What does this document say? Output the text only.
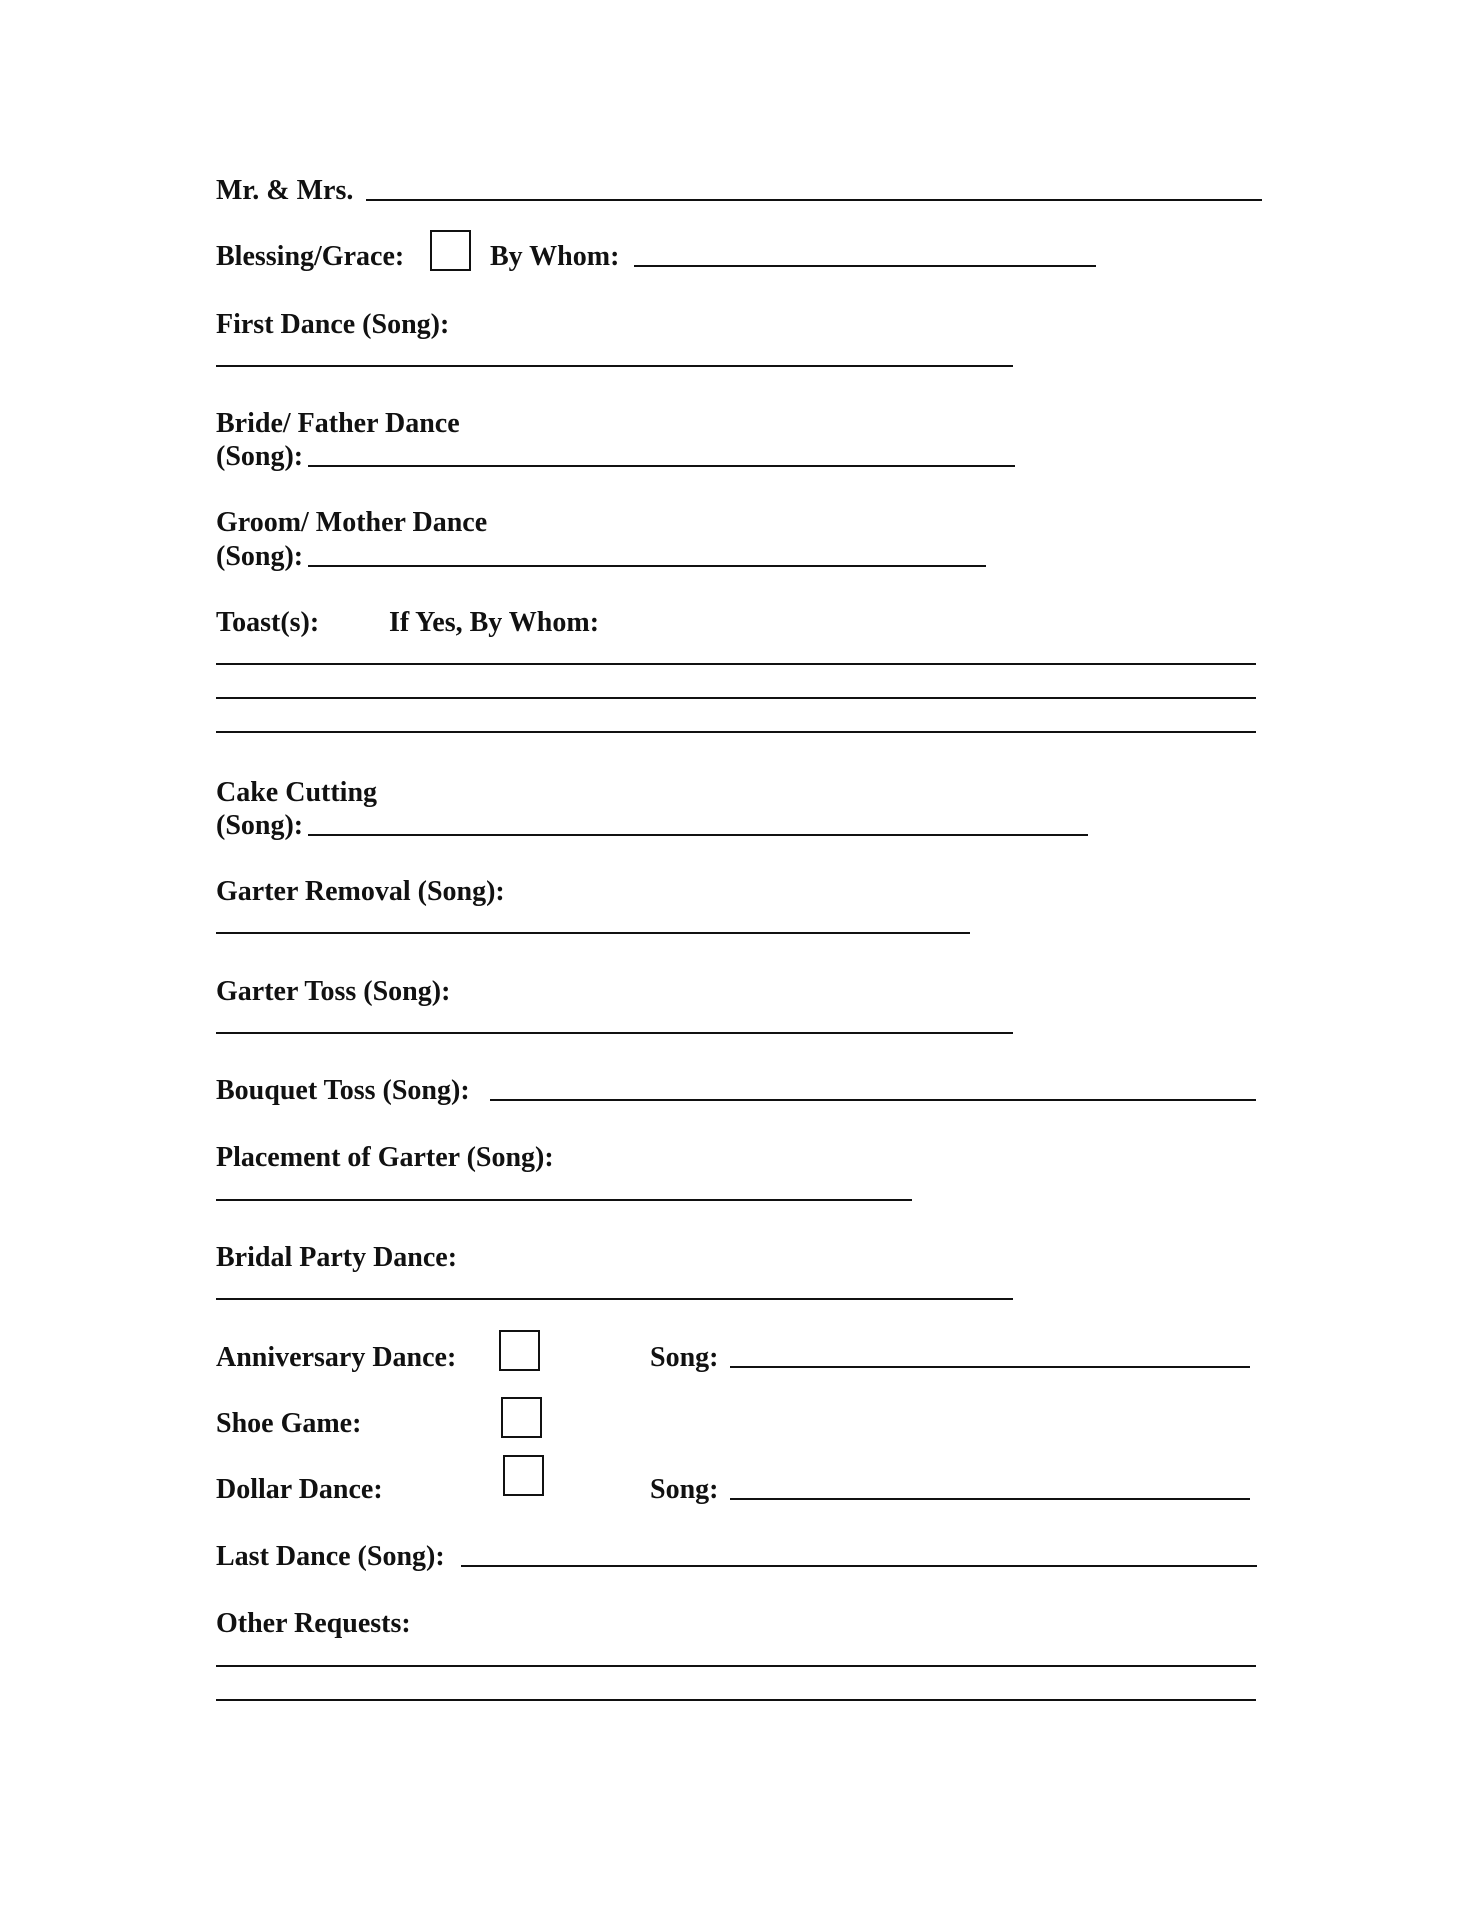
Mr. & Mrs.
Blessing/Grace:	By Whom:
First Dance (Song):
Bride/ Father Dance
(Song):
Groom/ Mother Dance
(Song):
Toast(s): If Yes, By Whom:
Cake Cutting
(Song):
Garter Removal (Song):
Garter Toss (Song):
Bouquet Toss (Song):
Placement of Garter (Song):
Bridal Party Dance:
Anniversary Dance:	Song:
Shoe Game:
Dollar Dance:	Song:
Last Dance (Song):
Other Requests:
